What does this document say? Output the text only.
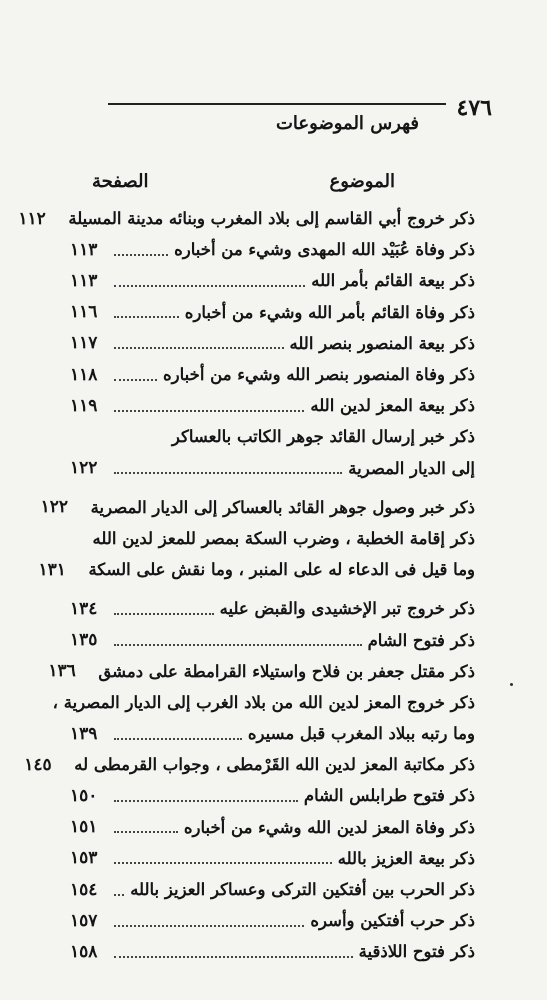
٤٧٦
فهرس الموضوعات
الموضوع
الصفحة
ذكر خروج أبي القاسم إلى بلاد المغرب وبنائه مدينة المسيلة
١١٢
ذكر وفاة عُبَيْد الله المهدى وشيء من أخباره
١١٣
ذكر بيعة القائم بأمر الله
١١٣
ذكر وفاة القائم بأمر الله وشيء من أخباره
١١٦
ذكر بيعة المنصور بنصر الله
١١٧
ذكر وفاة المنصور بنصر الله وشيء من أخباره
١١٨
ذكر بيعة المعز لدين الله
١١٩
ذكر خبر إرسال القائد جوهر الكاتب بالعساكر
إلى الديار المصرية
١٢٢
ذكر خبر وصول جوهر القائد بالعساكر إلى الديار المصرية
١٢٢
ذكر إقامة الخطبة ، وضرب السكة بمصر للمعز لدين الله
وما قيل فى الدعاء له على المنبر ، وما نقش على السكة
١٣١
ذكر خروج تبر الإخشيدى والقبض عليه
١٣٤
ذكر فتوح الشام
١٣٥
ذكر مقتل جعفر بن فلاح واستيلاء القرامطة على دمشق
١٣٦
ذكر خروج المعز لدين الله من بلاد الغرب إلى الديار المصرية ،
وما رتبه ببلاد المغرب قبل مسيره
١٣٩
ذكر مكاتبة المعز لدين الله القَرْمطى ، وجواب القرمطى له
١٤٥
ذكر فتوح طرابلس الشام
١٥٠
ذكر وفاة المعز لدين الله وشيء من أخباره
١٥١
ذكر بيعة العزيز بالله
١٥٣
ذكر الحرب بين أفتكين التركى وعساكر العزيز بالله
١٥٤
ذكر حرب أفتكين وأسره
١٥٧
ذكر فتوح اللاذقية
١٥٨
